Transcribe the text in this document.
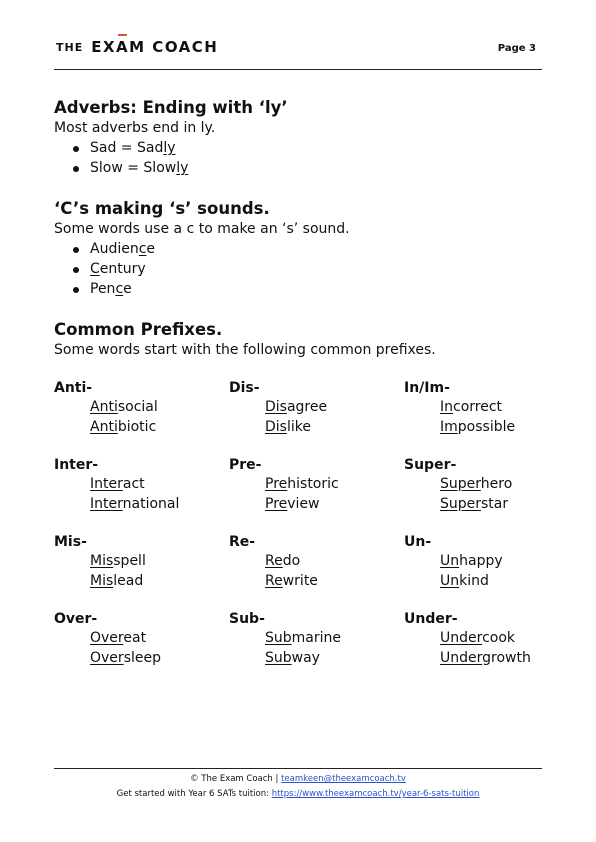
THE EXAM COACH	Page 3

Adverbs: Ending with ‘ly’

Most adverbs end in ly.

Sad = Sadly
Slow = Slowly

‘C’s making ‘s’ sounds.

Some words use a c to make an ‘s’ sound.

Audience
Century
Pence

Common Prefixes.

Some words start with the following common prefixes.

Anti-
Antisocial
Antibiotic
Inter-
Interact
International
Mis-
Misspell
Mislead
Over-
Overeat
Oversleep
Dis-
Disagree
Dislike
Pre-
Prehistoric
Preview
Re-
Redo
Rewrite
Sub-
Submarine
Subway
In/Im-
Incorrect
Impossible
Super-
Superhero
Superstar
Un-
Unhappy
Unkind
Under-
Undercook
Undergrowth
© The Exam Coach | teamkeen@theexamcoach.tv
Get started with Year 6 SATs tuition: https://www.theexamcoach.tv/year-6-sats-tuition
